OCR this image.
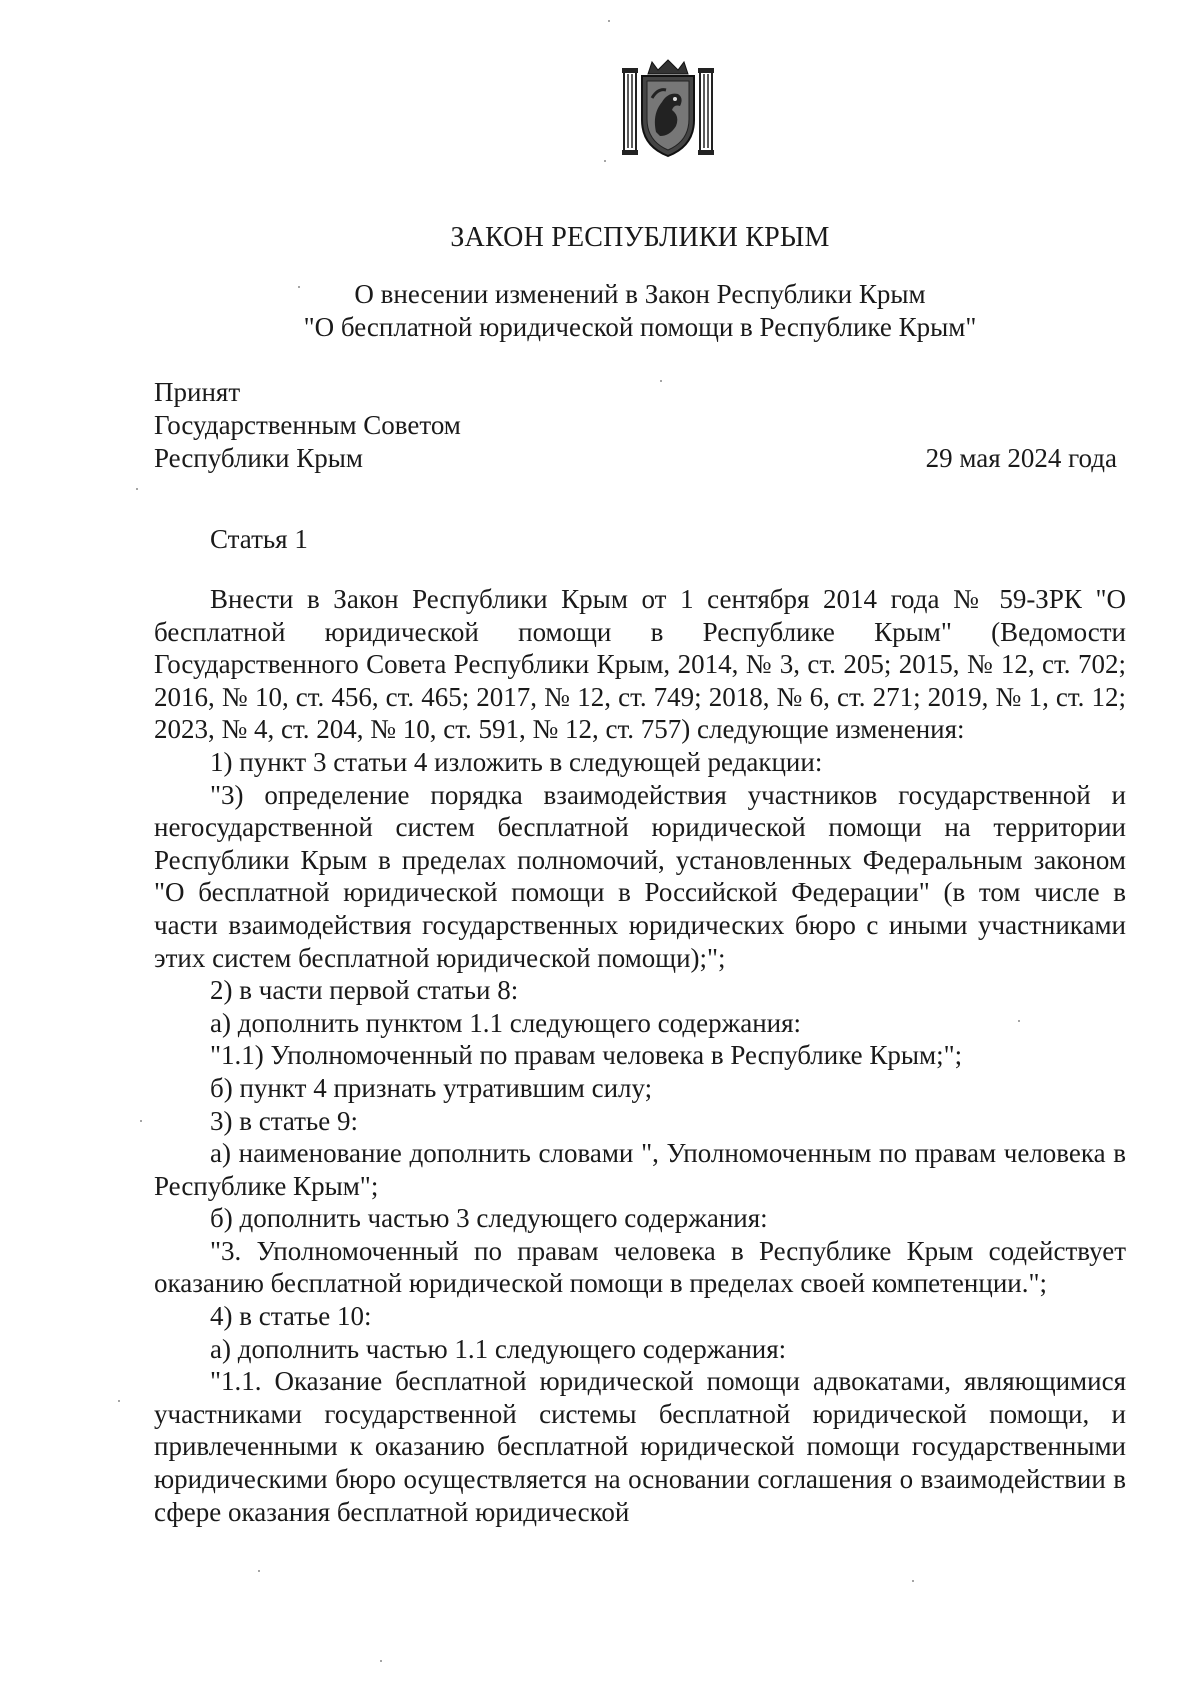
ЗАКОН РЕСПУБЛИКИ КРЫМ
О внесении изменений в Закон Республики Крым
"О бесплатной юридической помощи в Республике Крым"
Принят
Государственным Советом
Республики Крым	29 мая 2024 года
Статья 1

Внести в Закон Республики Крым от 1 сентября 2014 года № 59-ЗРК "О бесплатной юридической помощи в Республике Крым" (Ведомости Государственного Совета Республики Крым, 2014, № 3, ст. 205; 2015, № 12, ст. 702; 2016, № 10, ст. 456, ст. 465; 2017, № 12, ст. 749; 2018, № 6, ст. 271; 2019, № 1, ст. 12; 2023, № 4, ст. 204, № 10, ст. 591, № 12, ст. 757) следующие изменения:

1) пункт 3 статьи 4 изложить в следующей редакции:

"3) определение порядка взаимодействия участников государственной и негосударственной систем бесплатной юридической помощи на территории Республики Крым в пределах полномочий, установленных Федеральным законом "О бесплатной юридической помощи в Российской Федерации" (в том числе в части взаимодействия государственных юридических бюро с иными участниками этих систем бесплатной юридической помощи);";

2) в части первой статьи 8:

а) дополнить пунктом 1.1 следующего содержания:

"1.1) Уполномоченный по правам человека в Республике Крым;";

б) пункт 4 признать утратившим силу;

3) в статье 9:

а) наименование дополнить словами ", Уполномоченным по правам человека в Республике Крым";

б) дополнить частью 3 следующего содержания:

"3. Уполномоченный по правам человека в Республике Крым содействует оказанию бесплатной юридической помощи в пределах своей компетенции.";

4) в статье 10:

а) дополнить частью 1.1 следующего содержания:

"1.1. Оказание бесплатной юридической помощи адвокатами, являющимися участниками государственной системы бесплатной юридической помощи, и привлеченными к оказанию бесплатной юридической помощи государственными юридическими бюро осуществляется на основании соглашения о взаимодействии в сфере оказания бесплатной юридической
